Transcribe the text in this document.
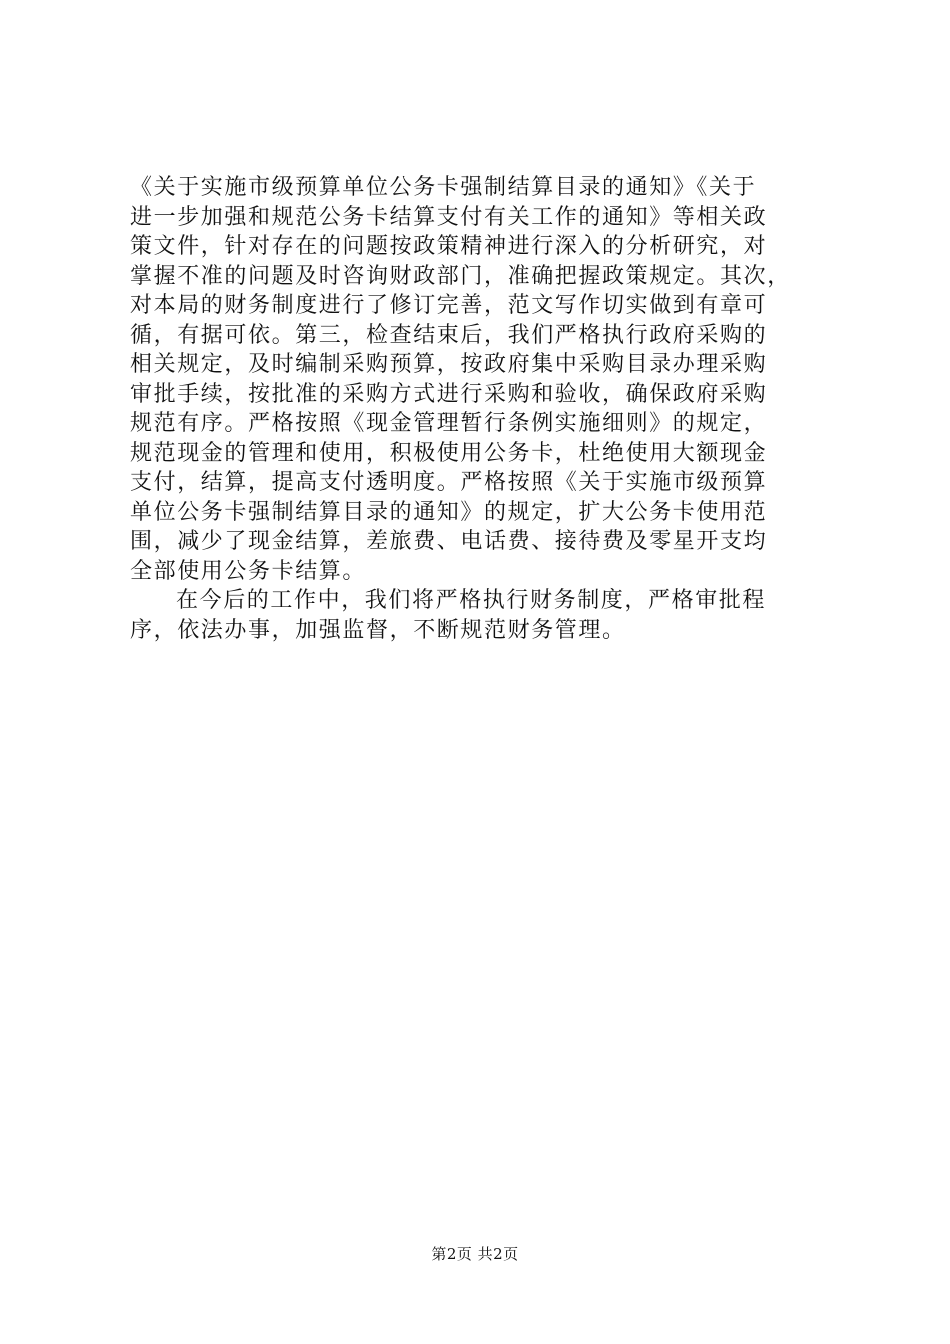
《关于实施市级预算单位公务卡强制结算目录的通知》《关于
进一步加强和规范公务卡结算支付有关工作的通知》等相关政
策文件，针对存在的问题按政策精神进行深入的分析研究，对
掌握不准的问题及时咨询财政部门，准确把握政策规定。其次，
对本局的财务制度进行了修订完善，范文写作切实做到有章可
循，有据可依。第三，检查结束后，我们严格执行政府采购的
相关规定，及时编制采购预算，按政府集中采购目录办理采购
审批手续，按批准的采购方式进行采购和验收，确保政府采购
规范有序。严格按照《现金管理暂行条例实施细则》的规定，
规范现金的管理和使用，积极使用公务卡，杜绝使用大额现金
支付，结算，提高支付透明度。严格按照《关于实施市级预算
单位公务卡强制结算目录的通知》的规定，扩大公务卡使用范
围，减少了现金结算，差旅费、电话费、接待费及零星开支均
全部使用公务卡结算。
在今后的工作中，我们将严格执行财务制度，严格审批程
序，依法办事，加强监督，不断规范财务管理。
第2页 共2页
